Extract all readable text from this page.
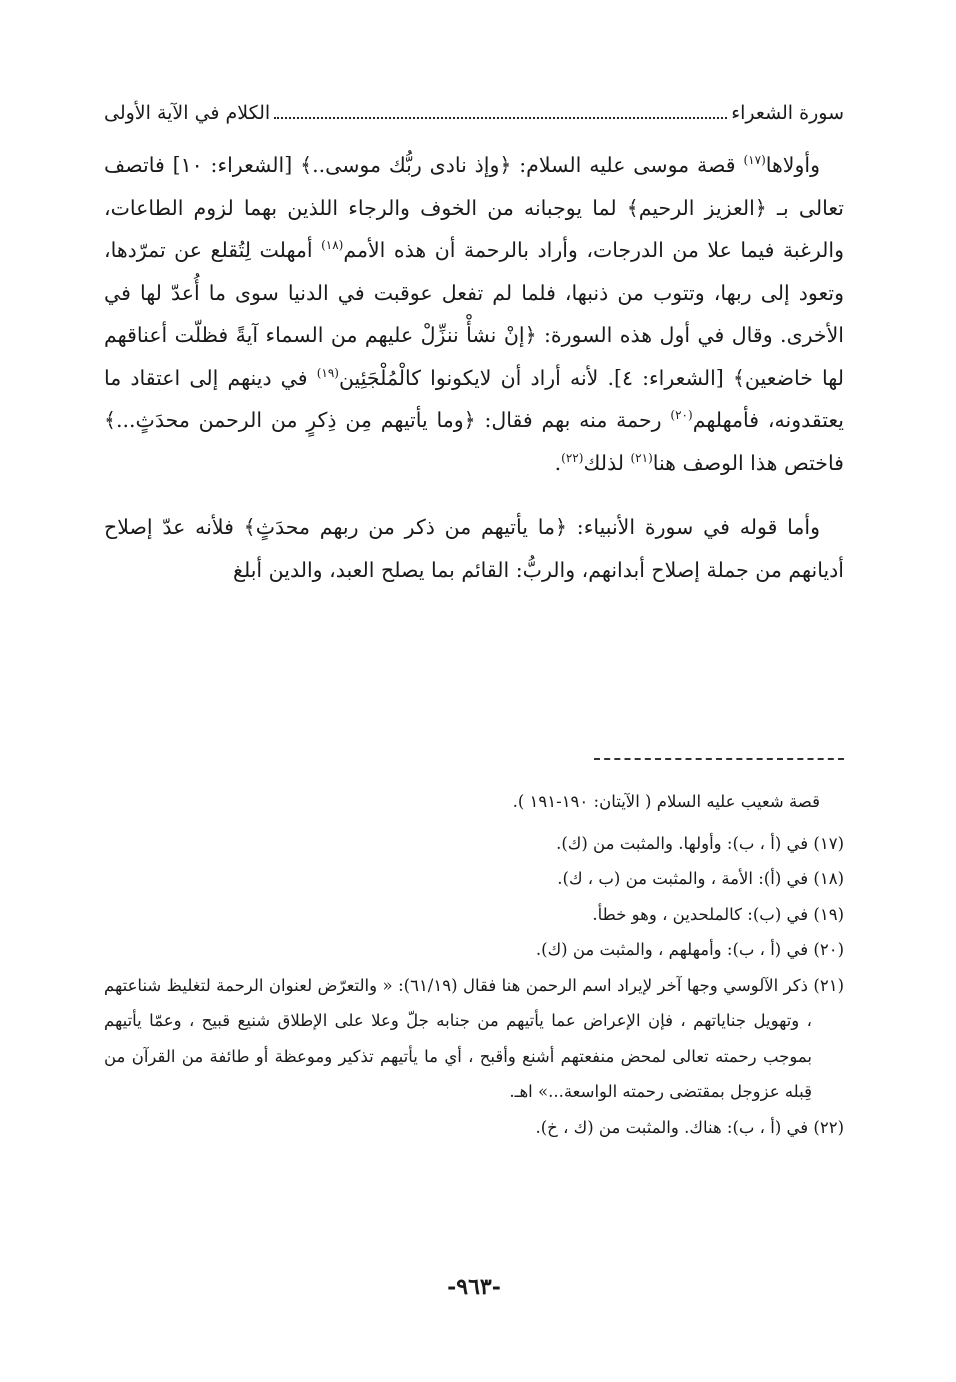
سورة الشعراء
الكلام في الآية الأولى

وأولاها$^{(١٧)}$ قصة موسى عليه السلام: ﴿وإذ نادى ربُّك موسى..﴾ [الشعراء: ١٠] فاتصف تعالى بـ ﴿العزيز الرحيم﴾ لما يوجبانه من الخوف والرجاء اللذين بهما لزوم الطاعات، والرغبة فيما علا من الدرجات، وأراد بالرحمة أن هذه الأمم$^{(١٨)}$ أمهلت لِتُقلع عن تمرّدها، وتعود إلى ربها، وتتوب من ذنبها، فلما لم تفعل عوقبت في الدنيا سوى ما أُعدّ لها في الأخرى. وقال في أول هذه السورة: ﴿إنْ نشأْ ننزِّلْ عليهم من السماء آيةً فظلّت أعناقهم لها خاضعين﴾ [الشعراء: ٤]. لأنه أراد أن لايكونوا كالْمُلْجَئِين$^{(١٩)}$ في دينهم إلى اعتقاد ما يعتقدونه، فأمهلهم$^{(٢٠)}$ رحمة منه بهم فقال: ﴿وما يأتيهم مِن ذِكرٍ من الرحمن محدَثٍ...﴾ فاختص هذا الوصف هنا$^{(٢١)}$ لذلك$^{(٢٢)}$.

وأما قوله في سورة الأنبياء: ﴿ما يأتيهم من ذكر من ربهم محدَثٍ﴾ فلأنه عدّ إصلاح أديانهم من جملة إصلاح أبدانهم، والربُّ: القائم بما يصلح العبد، والدين أبلغ

قصة شعيب عليه السلام ( الآيتان: ١٩٠-١٩١ ).

(١٧) في (أ ، ب): وأولها. والمثبت من (ك).

(١٨) في (أ): الأمة ، والمثبت من (ب ، ك).

(١٩) في (ب): كالملحدين ، وهو خطأ.

(٢٠) في (أ ، ب): وأمهلهم ، والمثبت من (ك).

(٢١) ذكر الآلوسي وجها آخر لإيراد اسم الرحمن هنا فقال (٦١/١٩): « والتعرّض لعنوان الرحمة لتغليظ شناعتهم ، وتهويل جناياتهم ، فإن الإعراض عما يأتيهم من جنابه جلّ وعلا على الإطلاق شنيع قبيح ، وعمّا يأتيهم بموجب رحمته تعالى لمحض منفعتهم أشنع وأقبح ، أي ما يأتيهم تذكير وموعظة أو طائفة من القرآن من قِبله عزوجل بمقتضى رحمته الواسعة...» اهـ.

(٢٢) في (أ ، ب): هناك. والمثبت من (ك ، خ).

-٩٦٣-
